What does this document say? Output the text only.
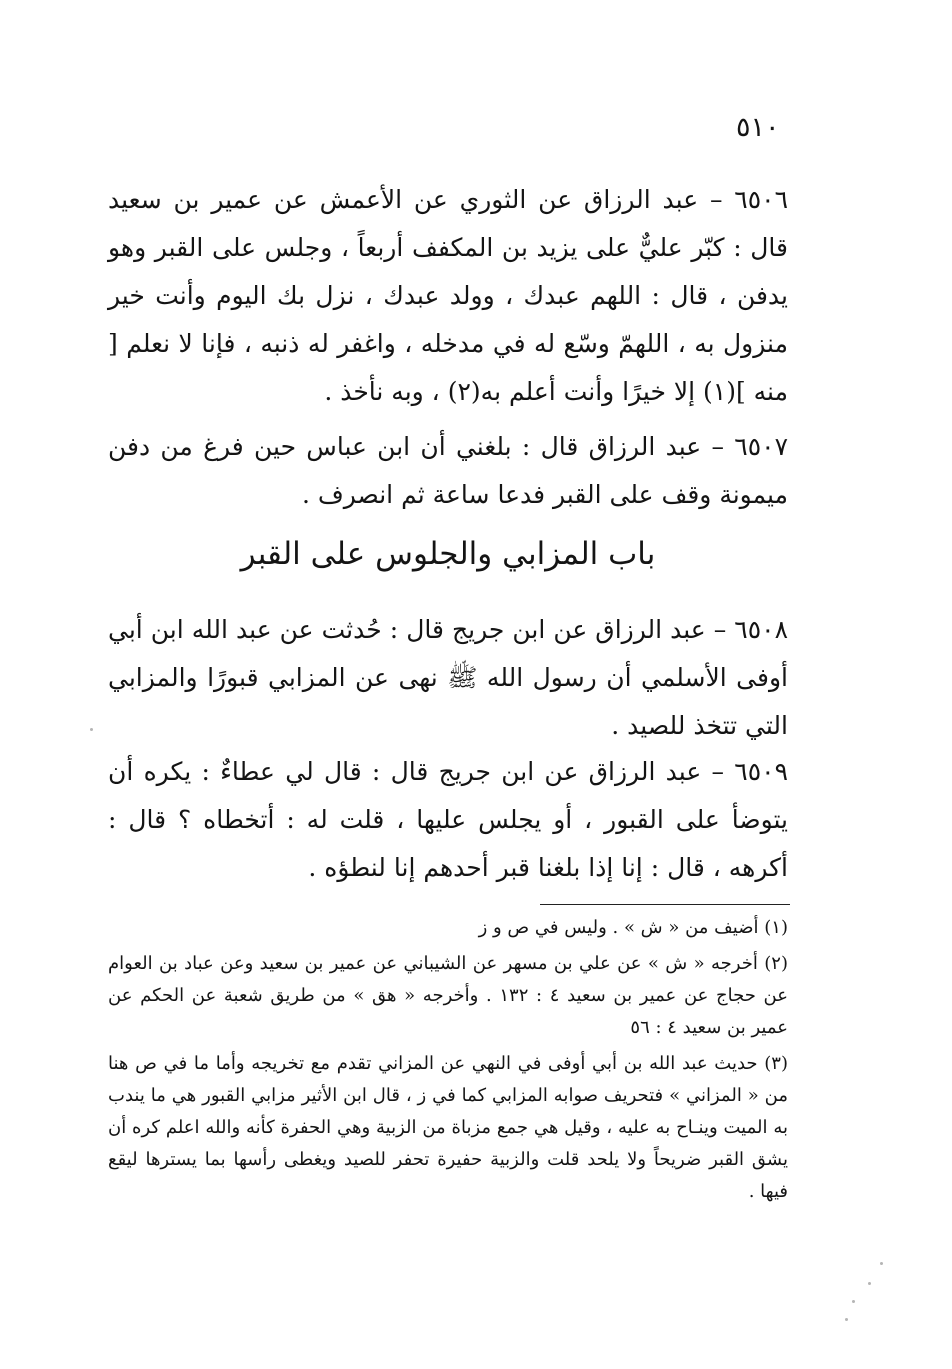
٥١٠

٦٥٠٦ – عبد الرزاق عن الثوري عن الأعمش عن عمير بن سعيد قال : كبّر عليٌّ على يزيد بن المكفف أربعاً ، وجلس على القبر وهو يدفن ، قال : اللهم عبدك ، وولد عبدك ، نزل بك اليوم وأنت خير منزول به ، اللهمّ وسّع له في مدخله ، واغفر له ذنبه ، فإنا لا نعلم [ منه ](١) إلا خيرًا وأنت أعلم به(٢) ، وبه نأخذ .

٦٥٠٧ – عبد الرزاق قال : بلغني أن ابن عباس حين فرغ من دفن ميمونة وقف على القبر فدعا ساعة ثم انصرف .

باب المزابي والجلوس على القبر

٦٥٠٨ – عبد الرزاق عن ابن جريج قال : حُدثت عن عبد الله ابن أبي أوفى الأسلمي أن رسول الله ﷺ نهى عن المزابي قبورًا والمزابي التي تتخذ للصيد .

٦٥٠٩ – عبد الرزاق عن ابن جريج قال : قال لي عطاءٌ : يكره أن يتوضأ على القبور ، أو يجلس عليها ، قلت له : أتخطاه ؟ قال : أكرهه ، قال : إنا إذا بلغنا قبر أحدهم إنا لنطؤه .

(١) أضيف من « ش » . وليس في ص و ز

(٢) أخرجه « ش » عن علي بن مسهر عن الشيباني عن عمير بن سعيد وعن عباد بن العوام عن حجاج عن عمير بن سعيد ٤ : ١٣٢ . وأخرجه « هق » من طريق شعبة عن الحكم عن عمير بن سعيد ٤ : ٥٦

(٣) حديث عبد الله بن أبي أوفى في النهي عن المزاني تقدم مع تخريجه وأما ما في ص هنا من « المزاني » فتحريف صوابه المزابي كما في ز ، قال ابن الأثير مزابي القبور هي ما يندب به الميت وينـاح به عليه ، وقيل هي جمع مزباة من الزبية وهي الحفرة كأنه والله اعلم كره أن يشق القبر ضريحاً ولا يلحد قلت والزبية حفيرة تحفر للصيد ويغطى رأسها بما يسترها ليقع فيها .
